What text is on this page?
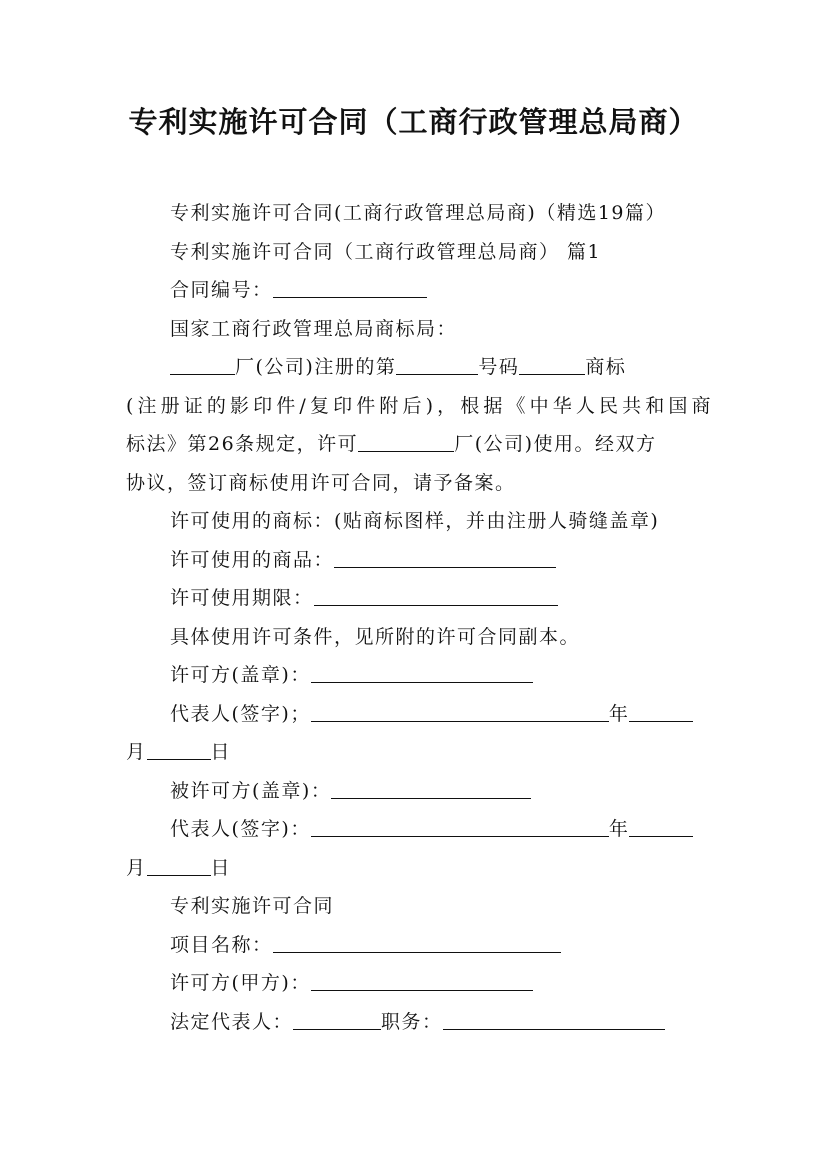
专利实施许可合同（工商行政管理总局商）
专利实施许可合同(工商行政管理总局商)（精选19篇）
专利实施许可合同（工商行政管理总局商） 篇1
合同编号：
国家工商行政管理总局商标局：
厂(公司)注册的第	号码	商标
(注册证的影印件/复印件附后)，根据《中华人民共和国商
标法》第26条规定，许可	厂(公司)使用。经双方
协议，签订商标使用许可合同，请予备案。
许可使用的商标：(贴商标图样，并由注册人骑缝盖章)
许可使用的商品：
许可使用期限：
具体使用许可条件，见所附的许可合同副本。
许可方(盖章)：
代表人(签字)；	年
月	日
被许可方(盖章)：
代表人(签字)：	年
月	日
专利实施许可合同
项目名称：
许可方(甲方)：
法定代表人：	职务：
